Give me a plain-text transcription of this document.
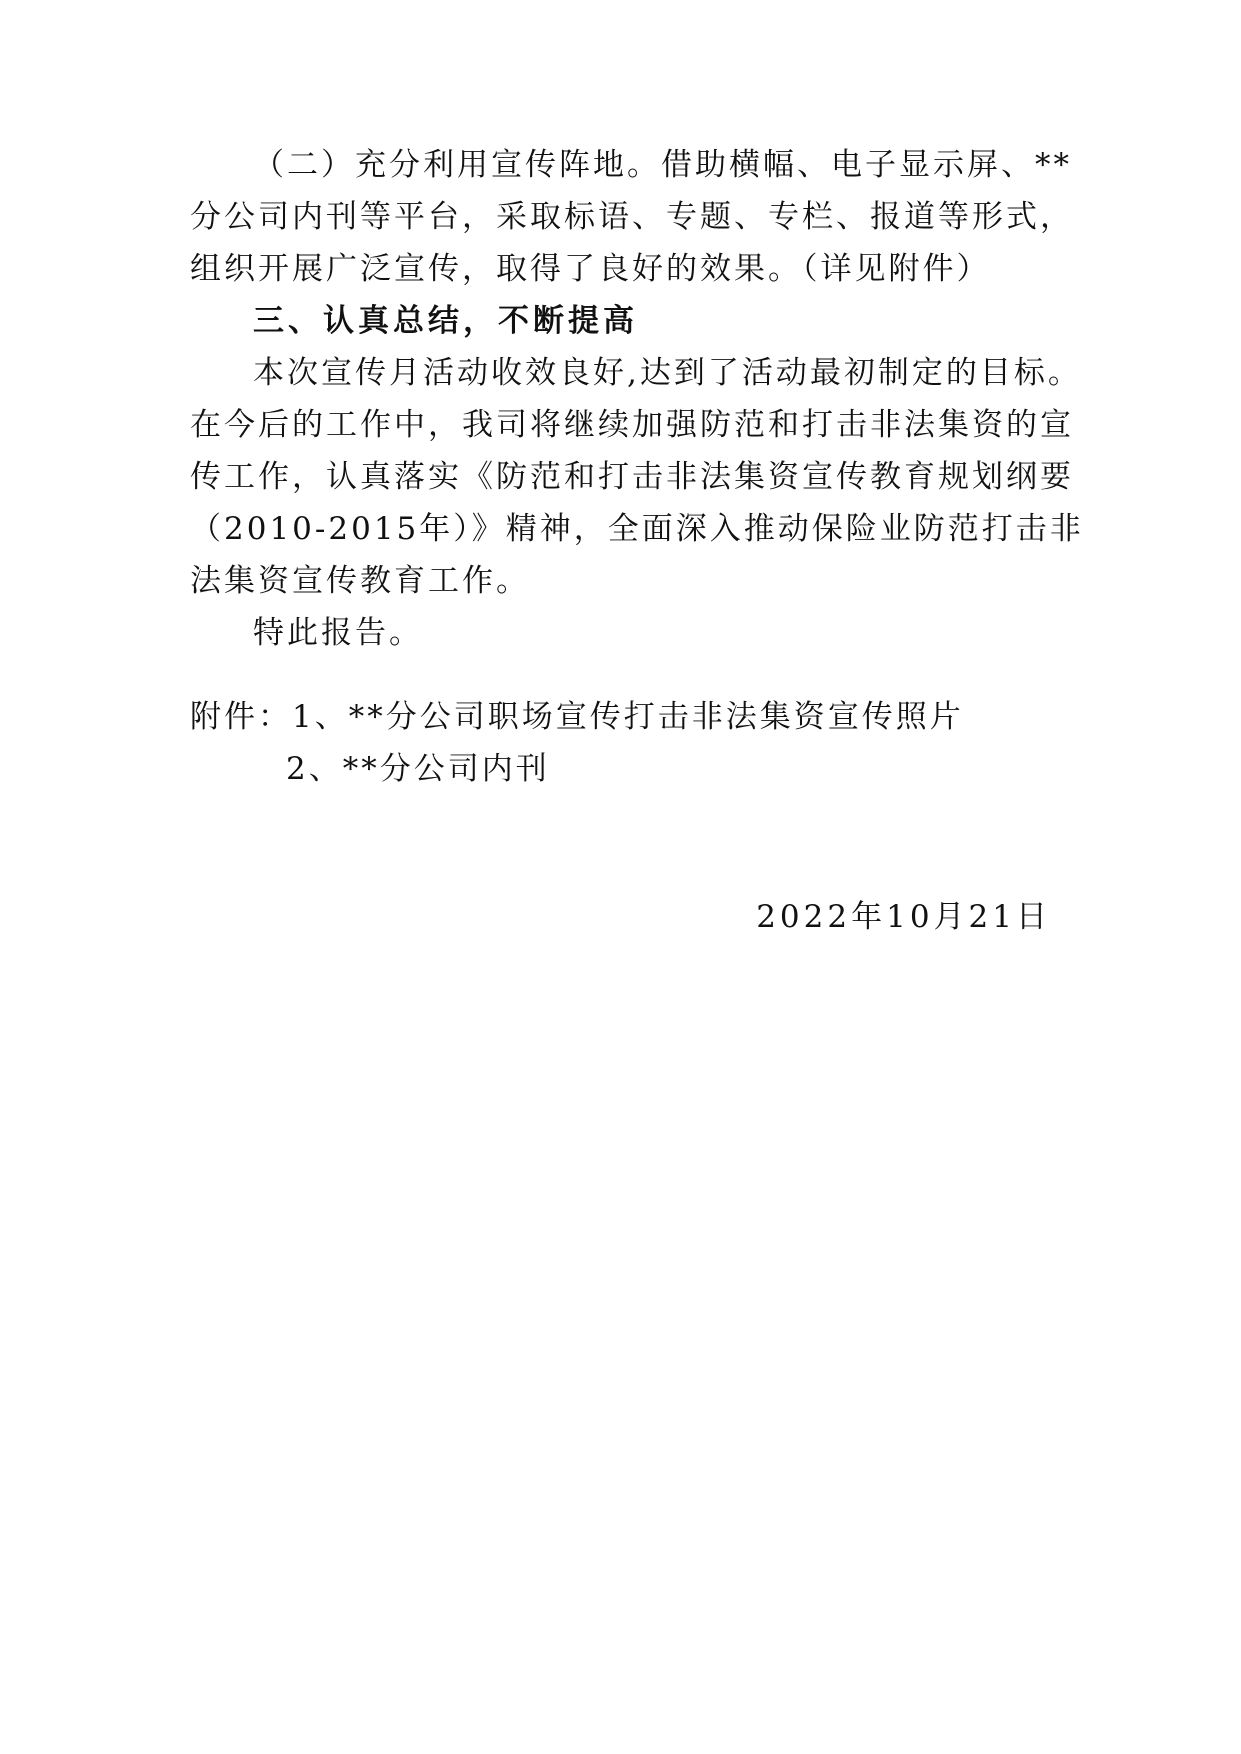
（二）充分利用宣传阵地。借助横幅、电子显示屏、**
分公司内刊等平台，采取标语、专题、专栏、报道等形式，
组织开展广泛宣传，取得了良好的效果。（详见附件）
三、认真总结，不断提高
本次宣传月活动收效良好,达到了活动最初制定的目标。
在今后的工作中，我司将继续加强防范和打击非法集资的宣
传工作，认真落实《防范和打击非法集资宣传教育规划纲要
（2010-2015年）》精神，全面深入推动保险业防范打击非
法集资宣传教育工作。
特此报告。
附件：1、**分公司职场宣传打击非法集资宣传照片
2、**分公司内刊
2022年10月21日
